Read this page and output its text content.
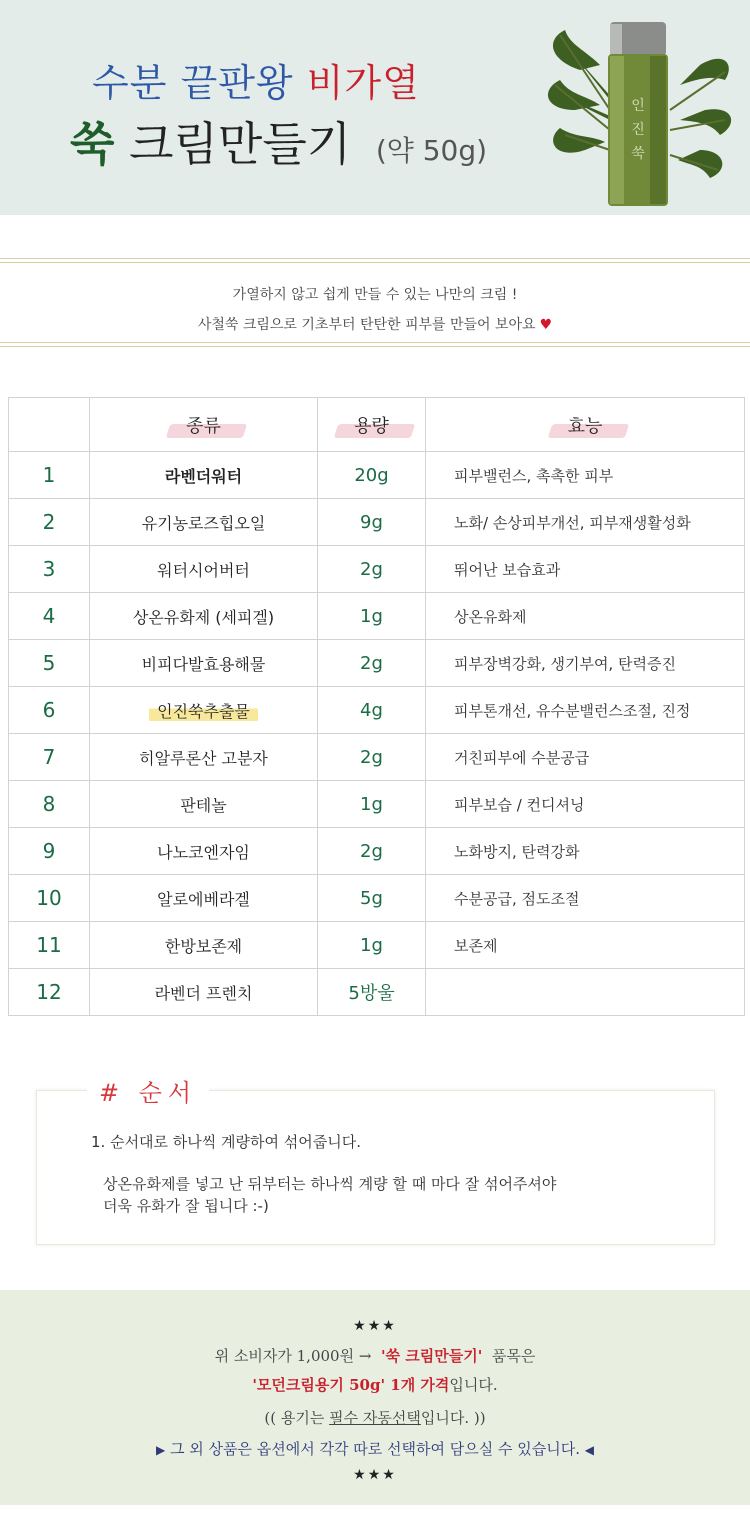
수분 끝판왕 비가열
쑥 크림만들기 (약 50g)
인
진
쑥

가열하지 않고 쉽게 만들 수 있는 나만의 크림 !

사철쑥 크림으로 기초부터 탄탄한 피부를 만들어 보아요 ♥

	종류	용량	효능
1	라벤더워터	20g	피부밸런스, 촉촉한 피부
2	유기농로즈힙오일	9g	노화/ 손상피부개선, 피부재생활성화
3	워터시어버터	2g	뛰어난 보습효과
4	상온유화제 (세피겔)	1g	상온유화제
5	비피다발효용해물	2g	피부장벽강화, 생기부여, 탄력증진
6	인진쑥추출물	4g	피부톤개선, 유수분밸런스조절, 진정
7	히알루론산 고분자	2g	거친피부에 수분공급
8	판테놀	1g	피부보습 / 컨디셔닝
9	나노코엔자임	2g	노화방지, 탄력강화
10	알로에베라겔	5g	수분공급, 점도조절
11	한방보존제	1g	보존제
12	라벤더 프렌치	5방울	
# 순서
1. 순서대로 하나씩 계량하여 섞어줍니다.
상온유화제를 넣고 난 뒤부터는 하나씩 계량 할 때 마다 잘 섞어주셔야
더욱 유화가 잘 됩니다 :-)
★★★
위 소비자가 1,000원 → '쑥 크림만들기' 품목은
'모던크림용기 50g' 1개 가격입니다.
(( 용기는 필수 자동선택입니다. ))
▶ 그 외 상품은 옵션에서 각각 따로 선택하여 담으실 수 있습니다. ◀
★★★
